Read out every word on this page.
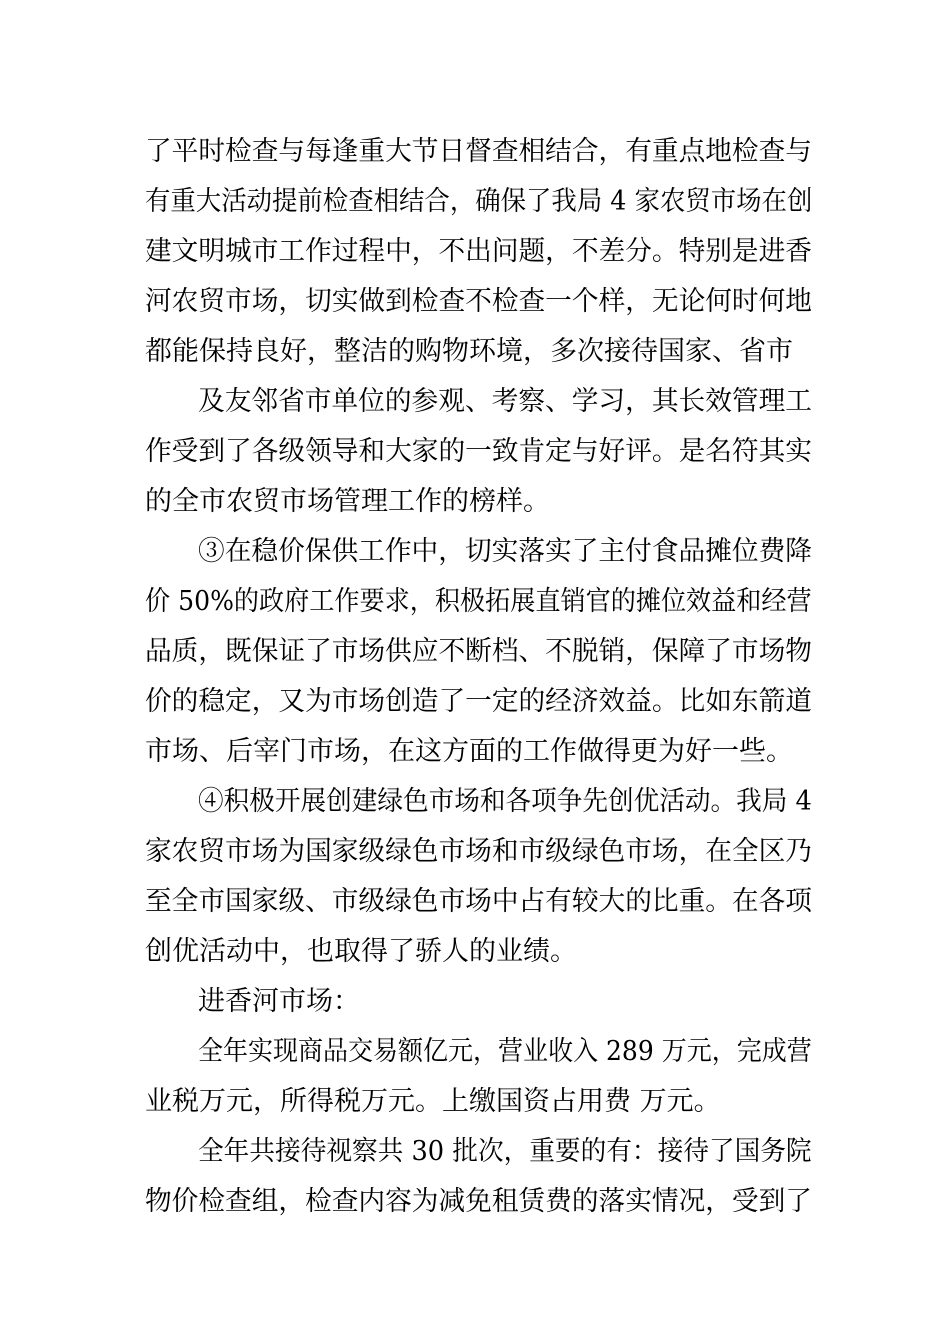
了平时检查与每逢重大节日督查相结合，有重点地检查与
有重大活动提前检查相结合，确保了我局 4 家农贸市场在创
建文明城市工作过程中，不出问题，不差分。特别是进香
河农贸市场，切实做到检查不检查一个样，无论何时何地
都能保持良好，整洁的购物环境，多次接待国家、省市
及友邻省市单位的参观、考察、学习，其长效管理工
作受到了各级领导和大家的一致肯定与好评。是名符其实
的全市农贸市场管理工作的榜样。
③在稳价保供工作中，切实落实了主付食品摊位费降
价 50%的政府工作要求，积极拓展直销官的摊位效益和经营
品质，既保证了市场供应不断档、不脱销，保障了市场物
价的稳定，又为市场创造了一定的经济效益。比如东箭道
市场、后宰门市场，在这方面的工作做得更为好一些。
④积极开展创建绿色市场和各项争先创优活动。我局 4
家农贸市场为国家级绿色市场和市级绿色市场，在全区乃
至全市国家级、市级绿色市场中占有较大的比重。在各项
创优活动中，也取得了骄人的业绩。
进香河市场：
全年实现商品交易额亿元，营业收入 289 万元，完成营
业税万元，所得税万元。上缴国资占用费 万元。
全年共接待视察共 30 批次，重要的有：接待了国务院
物价检查组，检查内容为减免租赁费的落实情况，受到了
